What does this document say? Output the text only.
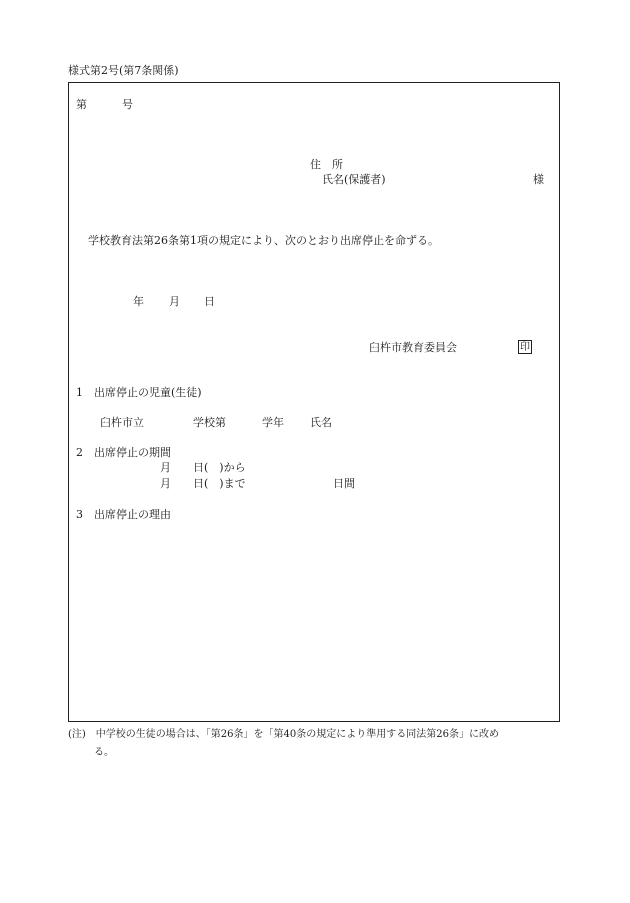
様式第2号(第7条関係)
第	号
住　所
氏名(保護者)	様
学校教育法第26条第1項の規定により、次のとおり出席停止を命ずる。
年 月 日
臼杵市教育委員会	印
1　出席停止の児童(生徒)
臼杵市立	学校第	学年 氏名
2　出席停止の期間
月 日(　)から
月 日(　)まで	日間
3　出席停止の理由
(注)　中学校の生徒の場合は、「第26条」を「第40条の規定により準用する同法第26条」に改め
る。
